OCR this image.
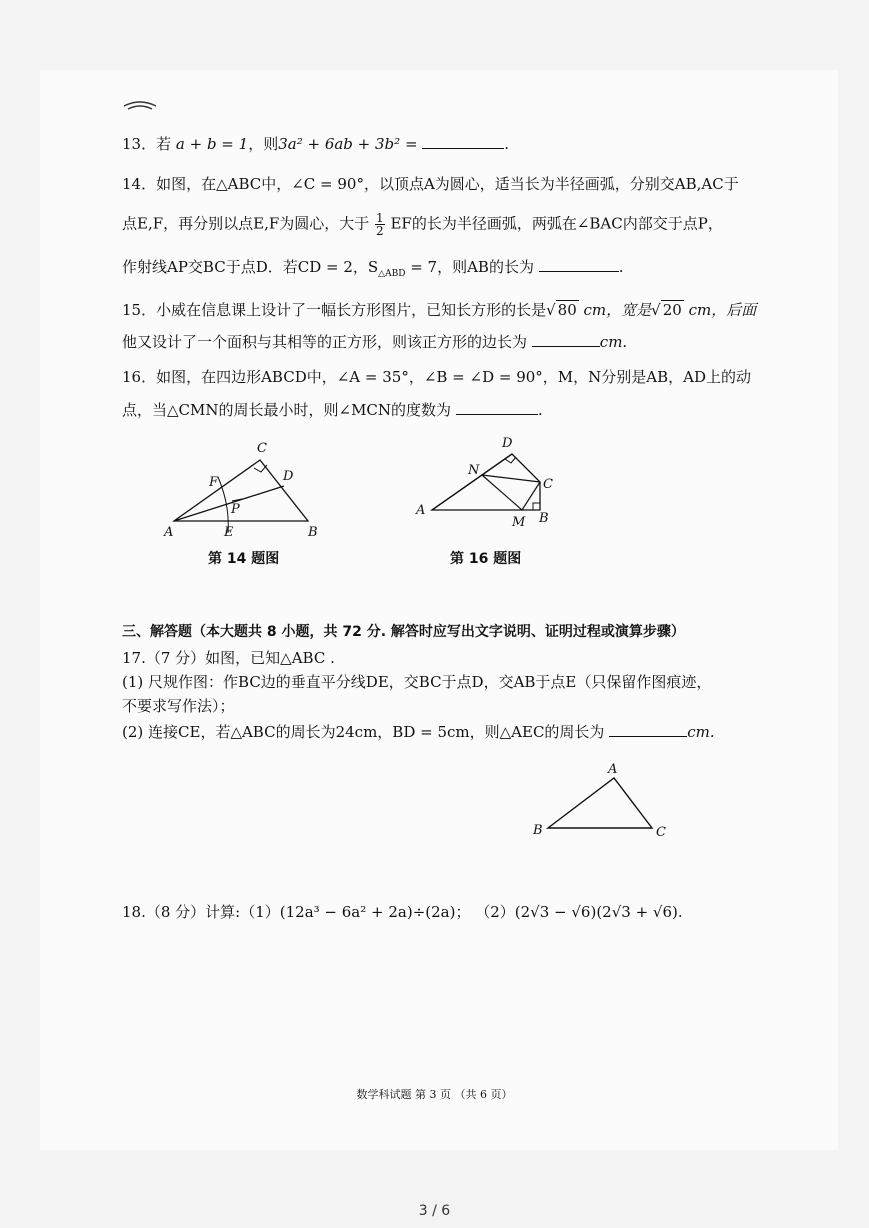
13．若 a + b = 1，则3a² + 6ab + 3b² =	.
14．如图，在△ABC中，∠C = 90°，以顶点A为圆心，适当长为半径画弧，分别交AB,AC于
点E,F，再分别以点E,F为圆心，大于 $\frac{1}{2}$ EF的长为半径画弧，两弧在∠BAC内部交于点P，
作射线AP交BC于点D．若CD = 2，$S_{\triangle ABD} = 7$，则AB的长为	.
15．小威在信息课上设计了一幅长方形图片，已知长方形的长是√ 80 cm，宽是√ 20 cm，后面
他又设计了一个面积与其相等的正方形，则该正方形的边长为	cm.
16．如图，在四边形ABCD中，∠A = 35°，∠B = ∠D = 90°，M，N分别是AB，AD上的动
点，当△CMN的周长最小时，则∠MCN的度数为	.
C
D
F
P
A	E	B
第 14 题图
D
N
C
A
M B
第 16 题图
三、解答题（本大题共 8 小题，共 72 分. 解答时应写出文字说明、证明过程或演算步骤）
17.（7 分）如图，已知△ABC .
(1) 尺规作图：作BC边的垂直平分线DE，交BC于点D，交AB于点E（只保留作图痕迹，
不要求写作法）；
(2) 连接CE，若△ABC的周长为24cm，BD = 5cm，则△AEC的周长为	cm.
A
B	C
18.（8 分）计算:（1）(12a³ − 6a² + 2a)÷(2a)； （2）(2√3 − √6)(2√3 + √6).
数学科试题 第 3 页 （共 6 页）
3 / 6
